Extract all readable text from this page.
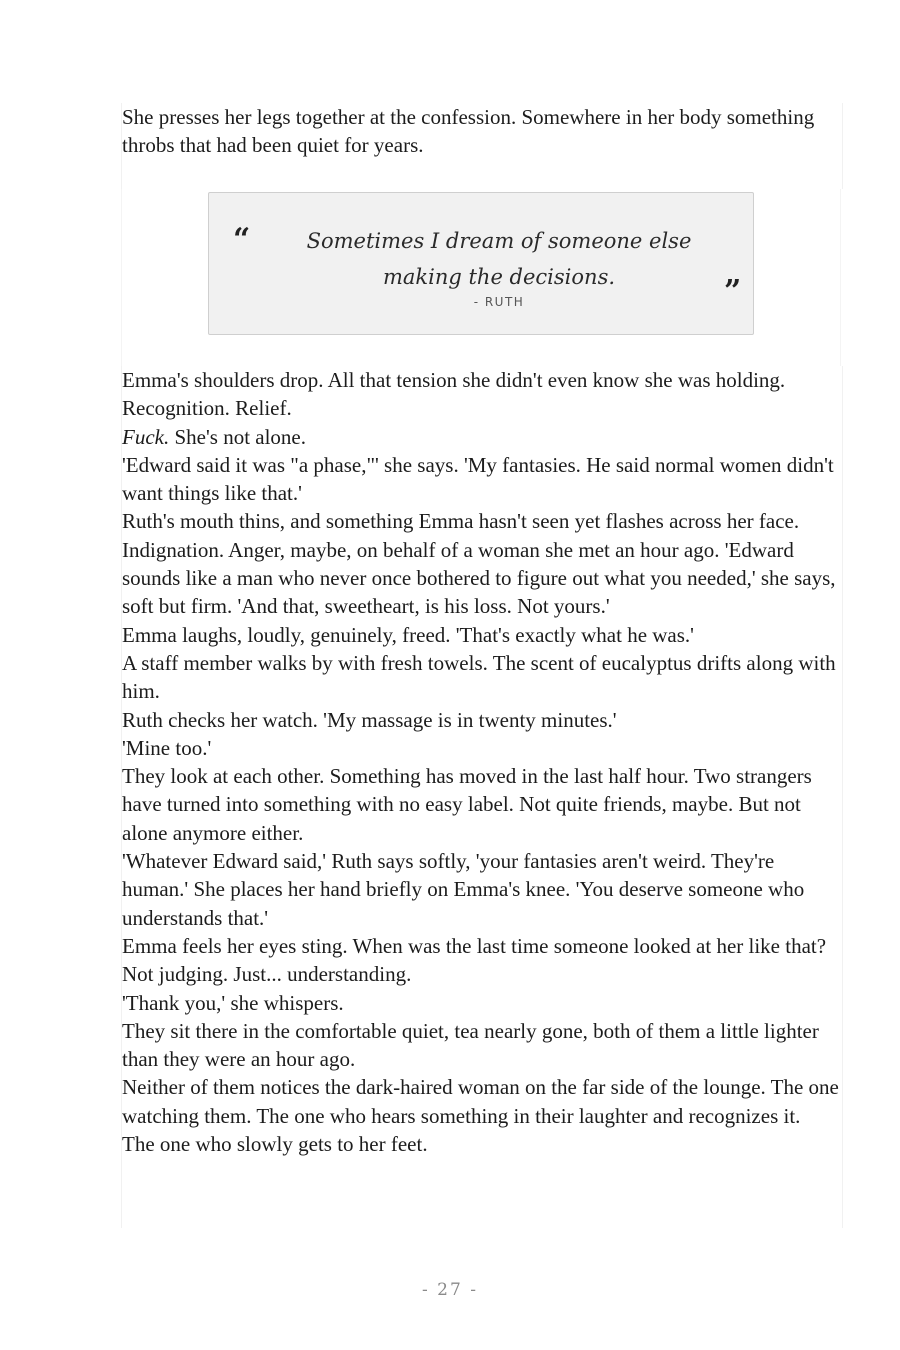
She presses her legs together at the confession. Somewhere in her body something throbs that had been quiet for years.

“	Sometimes I dream of someone else making the decisions.
- RUTH	”

Emma's shoulders drop. All that tension she didn't even know she was holding. Recognition. Relief.

Fuck. She's not alone.

'Edward said it was "a phase,"' she says. 'My fantasies. He said normal women didn't want things like that.'

Ruth's mouth thins, and something Emma hasn't seen yet flashes across her face. Indignation. Anger, maybe, on behalf of a woman she met an hour ago. 'Edward sounds like a man who never once bothered to figure out what you needed,' she says, soft but firm. 'And that, sweetheart, is his loss. Not yours.'

Emma laughs, loudly, genuinely, freed. 'That's exactly what he was.'

A staff member walks by with fresh towels. The scent of eucalyptus drifts along with him.

Ruth checks her watch. 'My massage is in twenty minutes.'

'Mine too.'

They look at each other. Something has moved in the last half hour. Two strangers have turned into something with no easy label. Not quite friends, maybe. But not alone anymore either.

'Whatever Edward said,' Ruth says softly, 'your fantasies aren't weird. They're human.' She places her hand briefly on Emma's knee. 'You deserve someone who understands that.'

Emma feels her eyes sting. When was the last time someone looked at her like that? Not judging. Just... understanding.

'Thank you,' she whispers.

They sit there in the comfortable quiet, tea nearly gone, both of them a little lighter than they were an hour ago.

Neither of them notices the dark-haired woman on the far side of the lounge. The one watching them. The one who hears something in their laughter and recognizes it.

The one who slowly gets to her feet.

- 27 -
